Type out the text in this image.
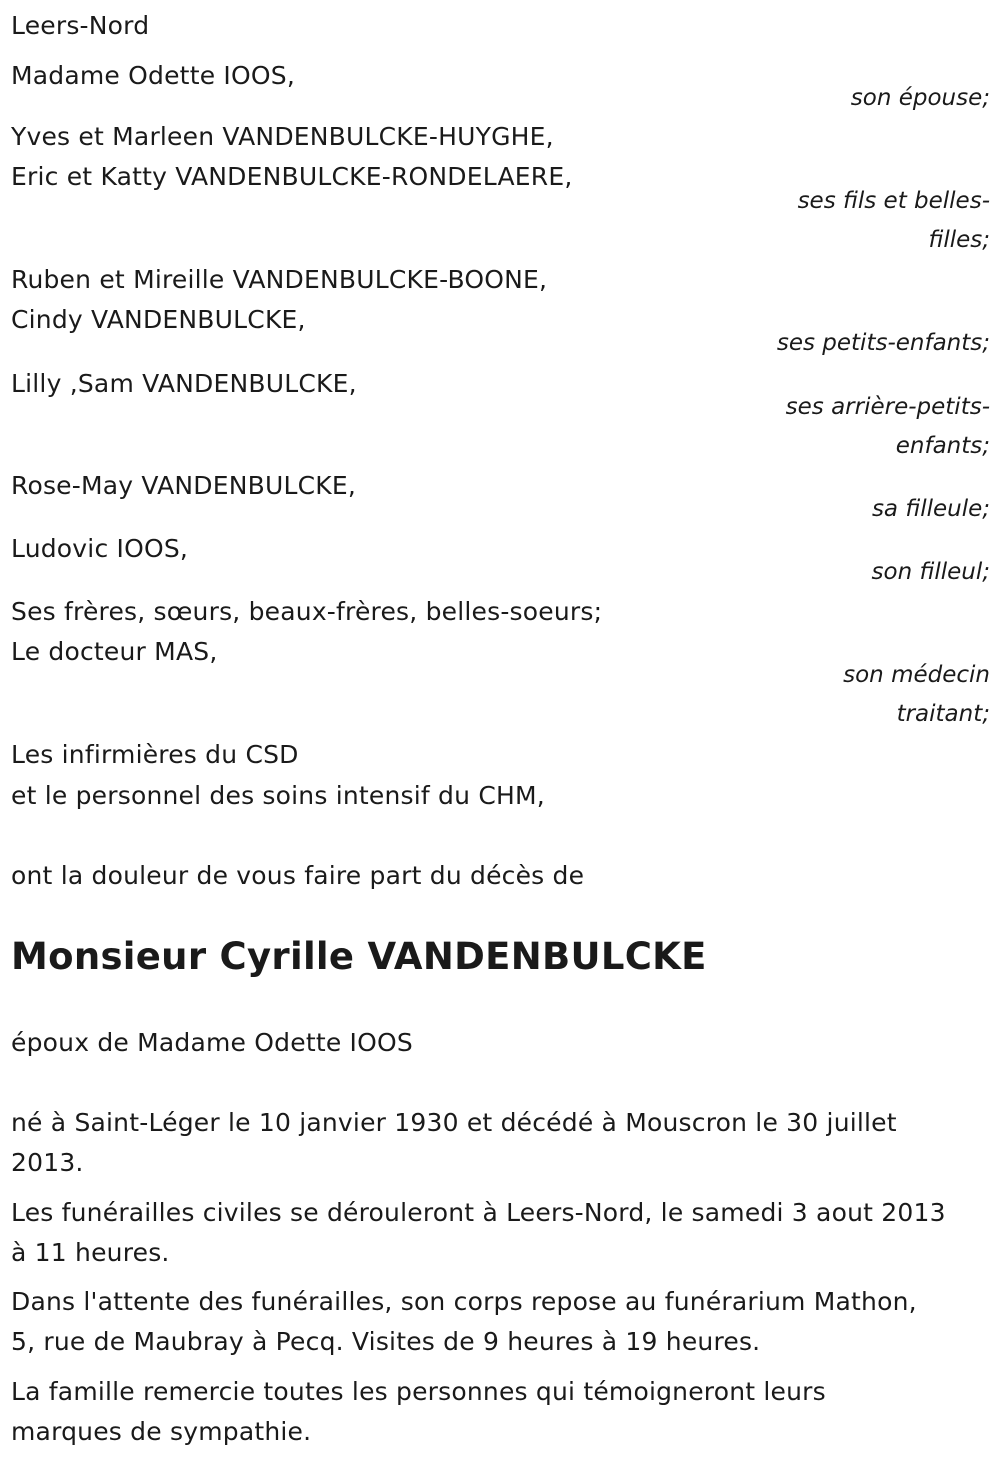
Leers-Nord
Madame Odette IOOS,
son épouse;
Yves et Marleen VANDENBULCKE-HUYGHE,
Eric et Katty VANDENBULCKE-RONDELAERE,
ses fils et belles-
filles;
Ruben et Mireille VANDENBULCKE-BOONE,
Cindy VANDENBULCKE,
ses petits-enfants;
Lilly ,Sam VANDENBULCKE,
ses arrière-petits-
enfants;
Rose-May VANDENBULCKE,
sa filleule;
Ludovic IOOS,
son filleul;
Ses frères, sœurs, beaux-frères, belles-soeurs;
Le docteur MAS,
son médecin
traitant;
Les infirmières du CSD
et le personnel des soins intensif du CHM,
ont la douleur de vous faire part du décès de
Monsieur Cyrille VANDENBULCKE
époux de Madame Odette IOOS
né à Saint-Léger le 10 janvier 1930 et décédé à Mouscron le 30 juillet
2013.
Les funérailles civiles se dérouleront à Leers-Nord, le samedi 3 aout 2013
à 11 heures.
Dans l'attente des funérailles, son corps repose au funérarium Mathon,
5, rue de Maubray à Pecq. Visites de 9 heures à 19 heures.
La famille remercie toutes les personnes qui témoigneront leurs
marques de sympathie.
